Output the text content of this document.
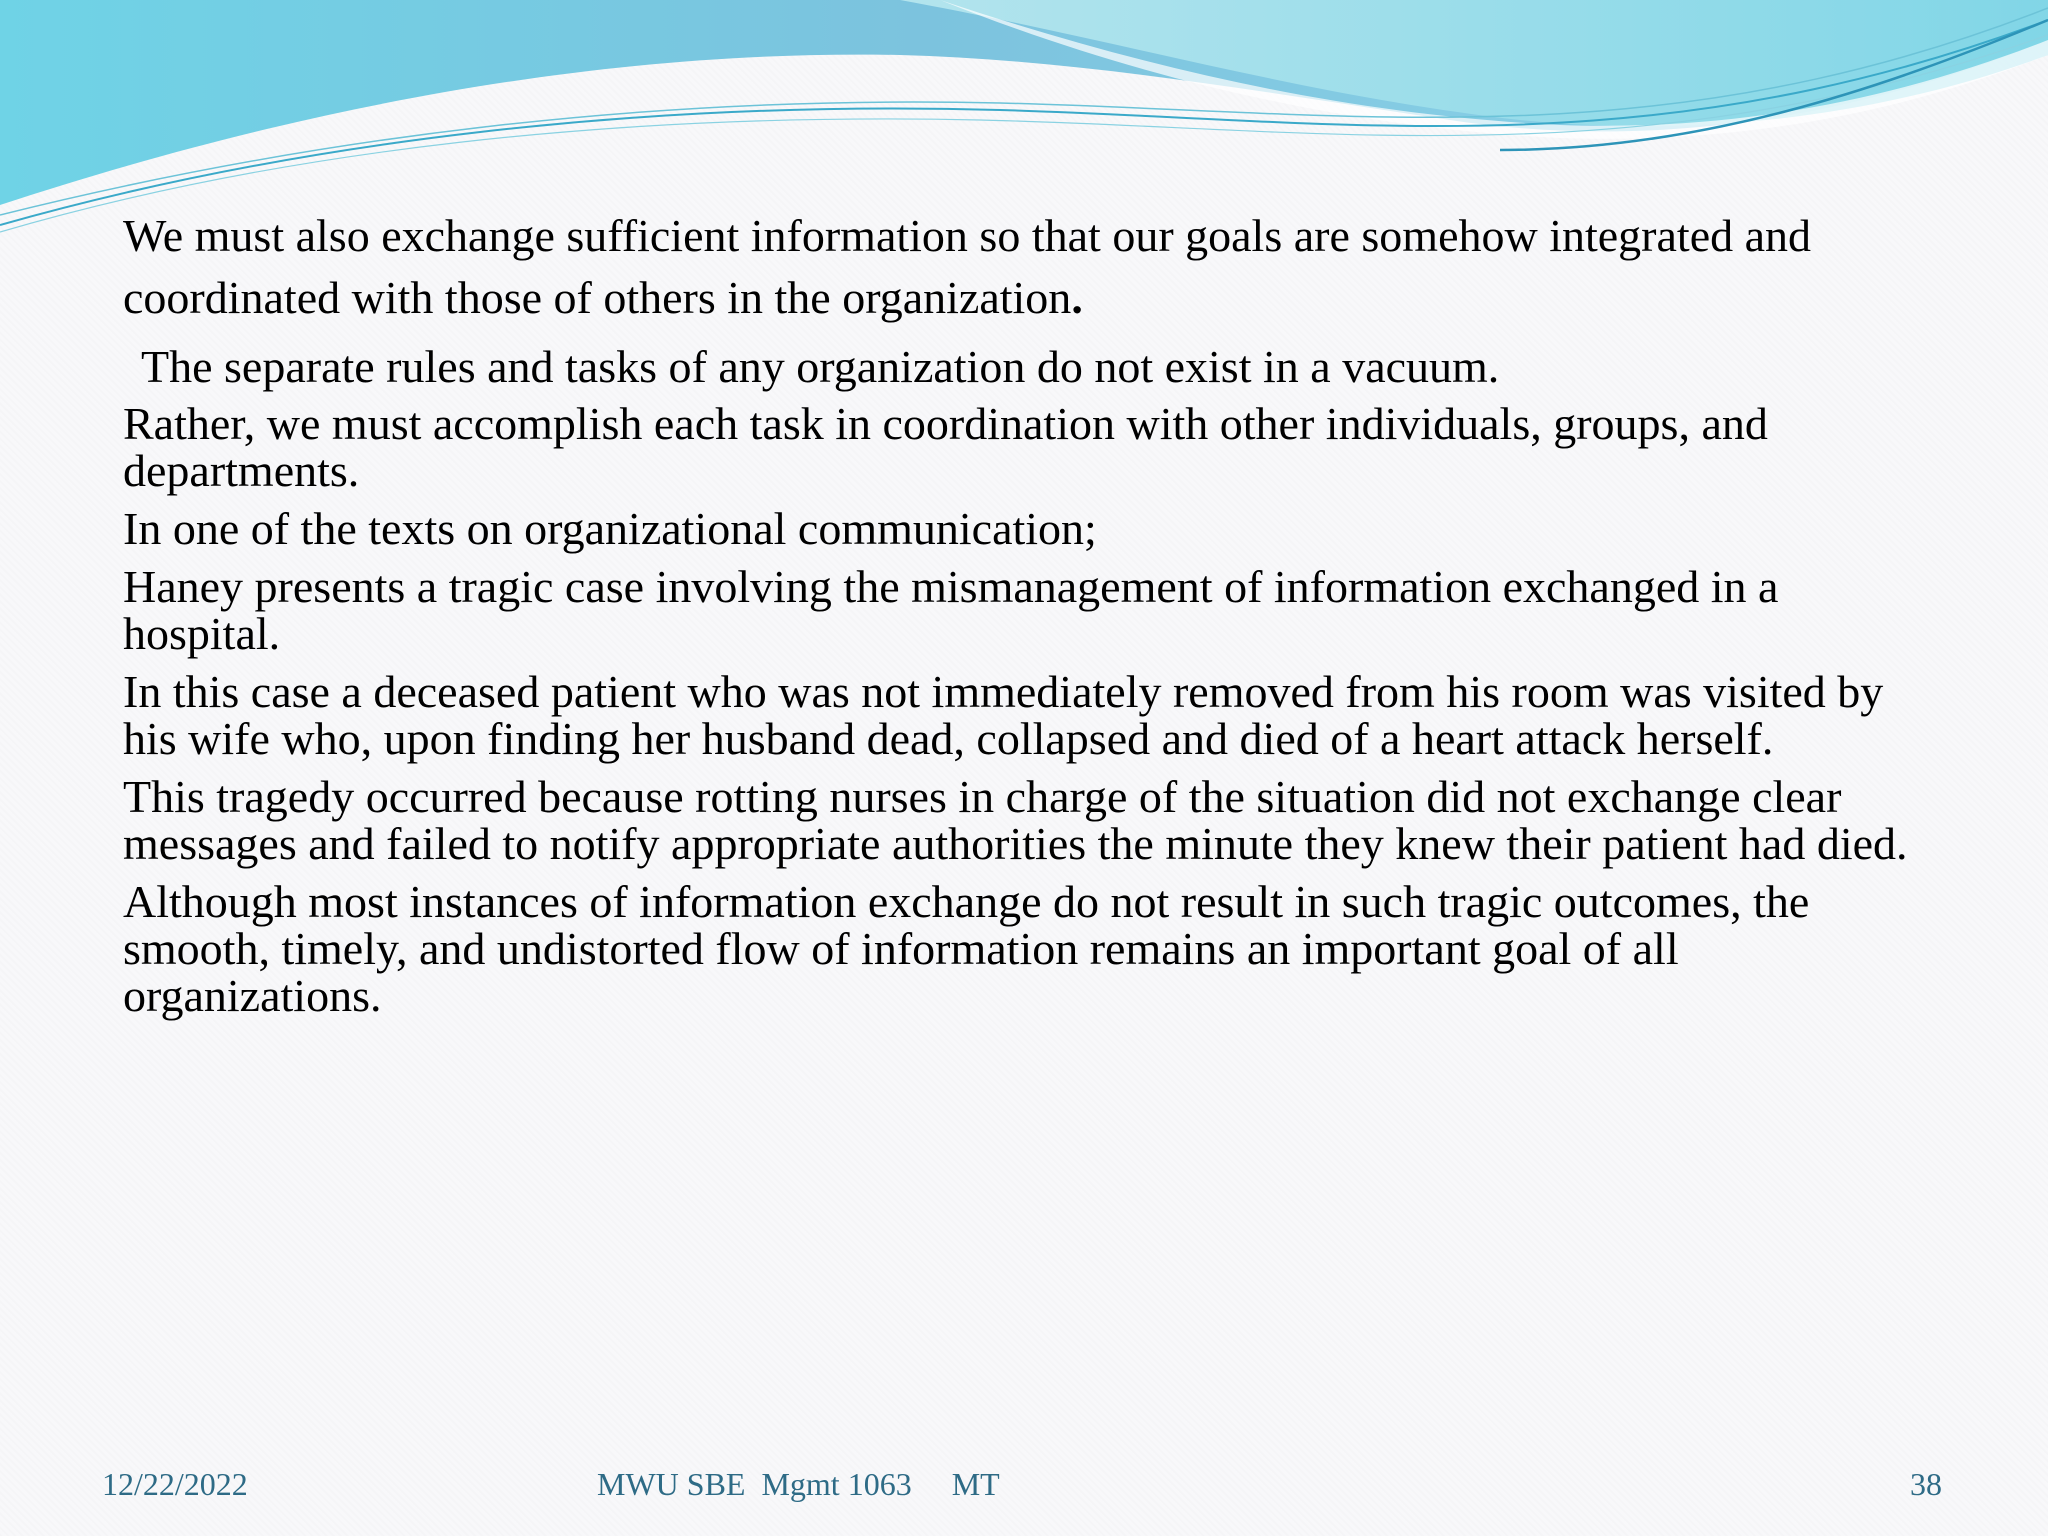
We must also exchange sufficient information so that our goals are somehow integrated and coordinated with those of others in the organization.

The separate rules and tasks of any organization do not exist in a vacuum.

Rather, we must accomplish each task in coordination with other individuals, groups, and departments.

In one of the texts on organizational communication;

Haney presents a tragic case involving the mismanagement of information exchanged in a hospital.

In this case a deceased patient who was not immediately removed from his room was visited by his wife who, upon finding her husband dead, collapsed and died of a heart attack herself.

This tragedy occurred because rotting nurses in charge of the situation did not exchange clear messages and failed to notify appropriate authorities the minute they knew their patient had died.

Although most instances of information exchange do not result in such tragic outcomes, the smooth, timely, and undistorted flow of information remains an important goal of all organizations.

12/22/2022	MWU SBE  Mgmt 1063     MT	38
